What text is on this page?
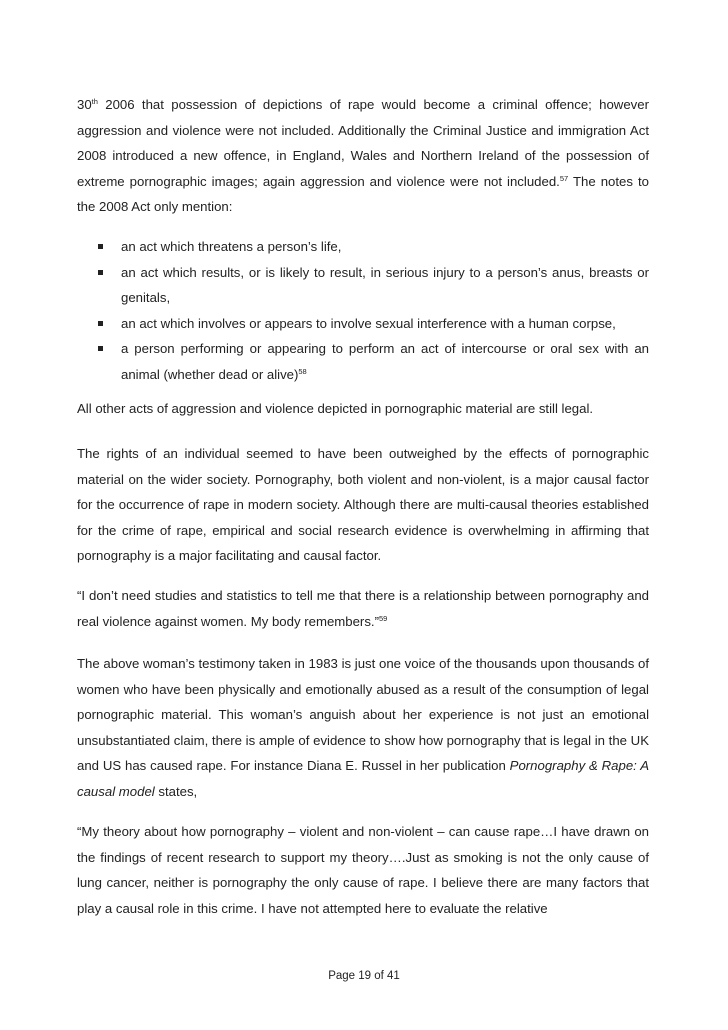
30th 2006 that possession of depictions of rape would become a criminal offence; however aggression and violence were not included. Additionally the Criminal Justice and immigration Act 2008 introduced a new offence, in England, Wales and Northern Ireland of the possession of extreme pornographic images; again aggression and violence were not included.$^{57}$ The notes to the 2008 Act only mention:

an act which threatens a person’s life,
an act which results, or is likely to result, in serious injury to a person’s anus, breasts or genitals,
an act which involves or appears to involve sexual interference with a human corpse,
a person performing or appearing to perform an act of intercourse or oral sex with an animal (whether dead or alive)$^{58}$

All other acts of aggression and violence depicted in pornographic material are still legal.

The rights of an individual seemed to have been outweighed by the effects of pornographic material on the wider society. Pornography, both violent and non-violent, is a major causal factor for the occurrence of rape in modern society. Although there are multi-causal theories established for the crime of rape, empirical and social research evidence is overwhelming in affirming that pornography is a major facilitating and causal factor.

“I don’t need studies and statistics to tell me that there is a relationship between pornography and real violence against women. My body remembers.”$^{59}$

The above woman’s testimony taken in 1983 is just one voice of the thousands upon thousands of women who have been physically and emotionally abused as a result of the consumption of legal pornographic material. This woman’s anguish about her experience is not just an emotional unsubstantiated claim, there is ample of evidence to show how pornography that is legal in the UK and US has caused rape. For instance Diana E. Russel in her publication Pornography & Rape: A causal model states,

“My theory about how pornography – violent and non-violent – can cause rape…I have drawn on the findings of recent research to support my theory….Just as smoking is not the only cause of lung cancer, neither is pornography the only cause of rape. I believe there are many factors that play a causal role in this crime. I have not attempted here to evaluate the relative

Page 19 of 41
